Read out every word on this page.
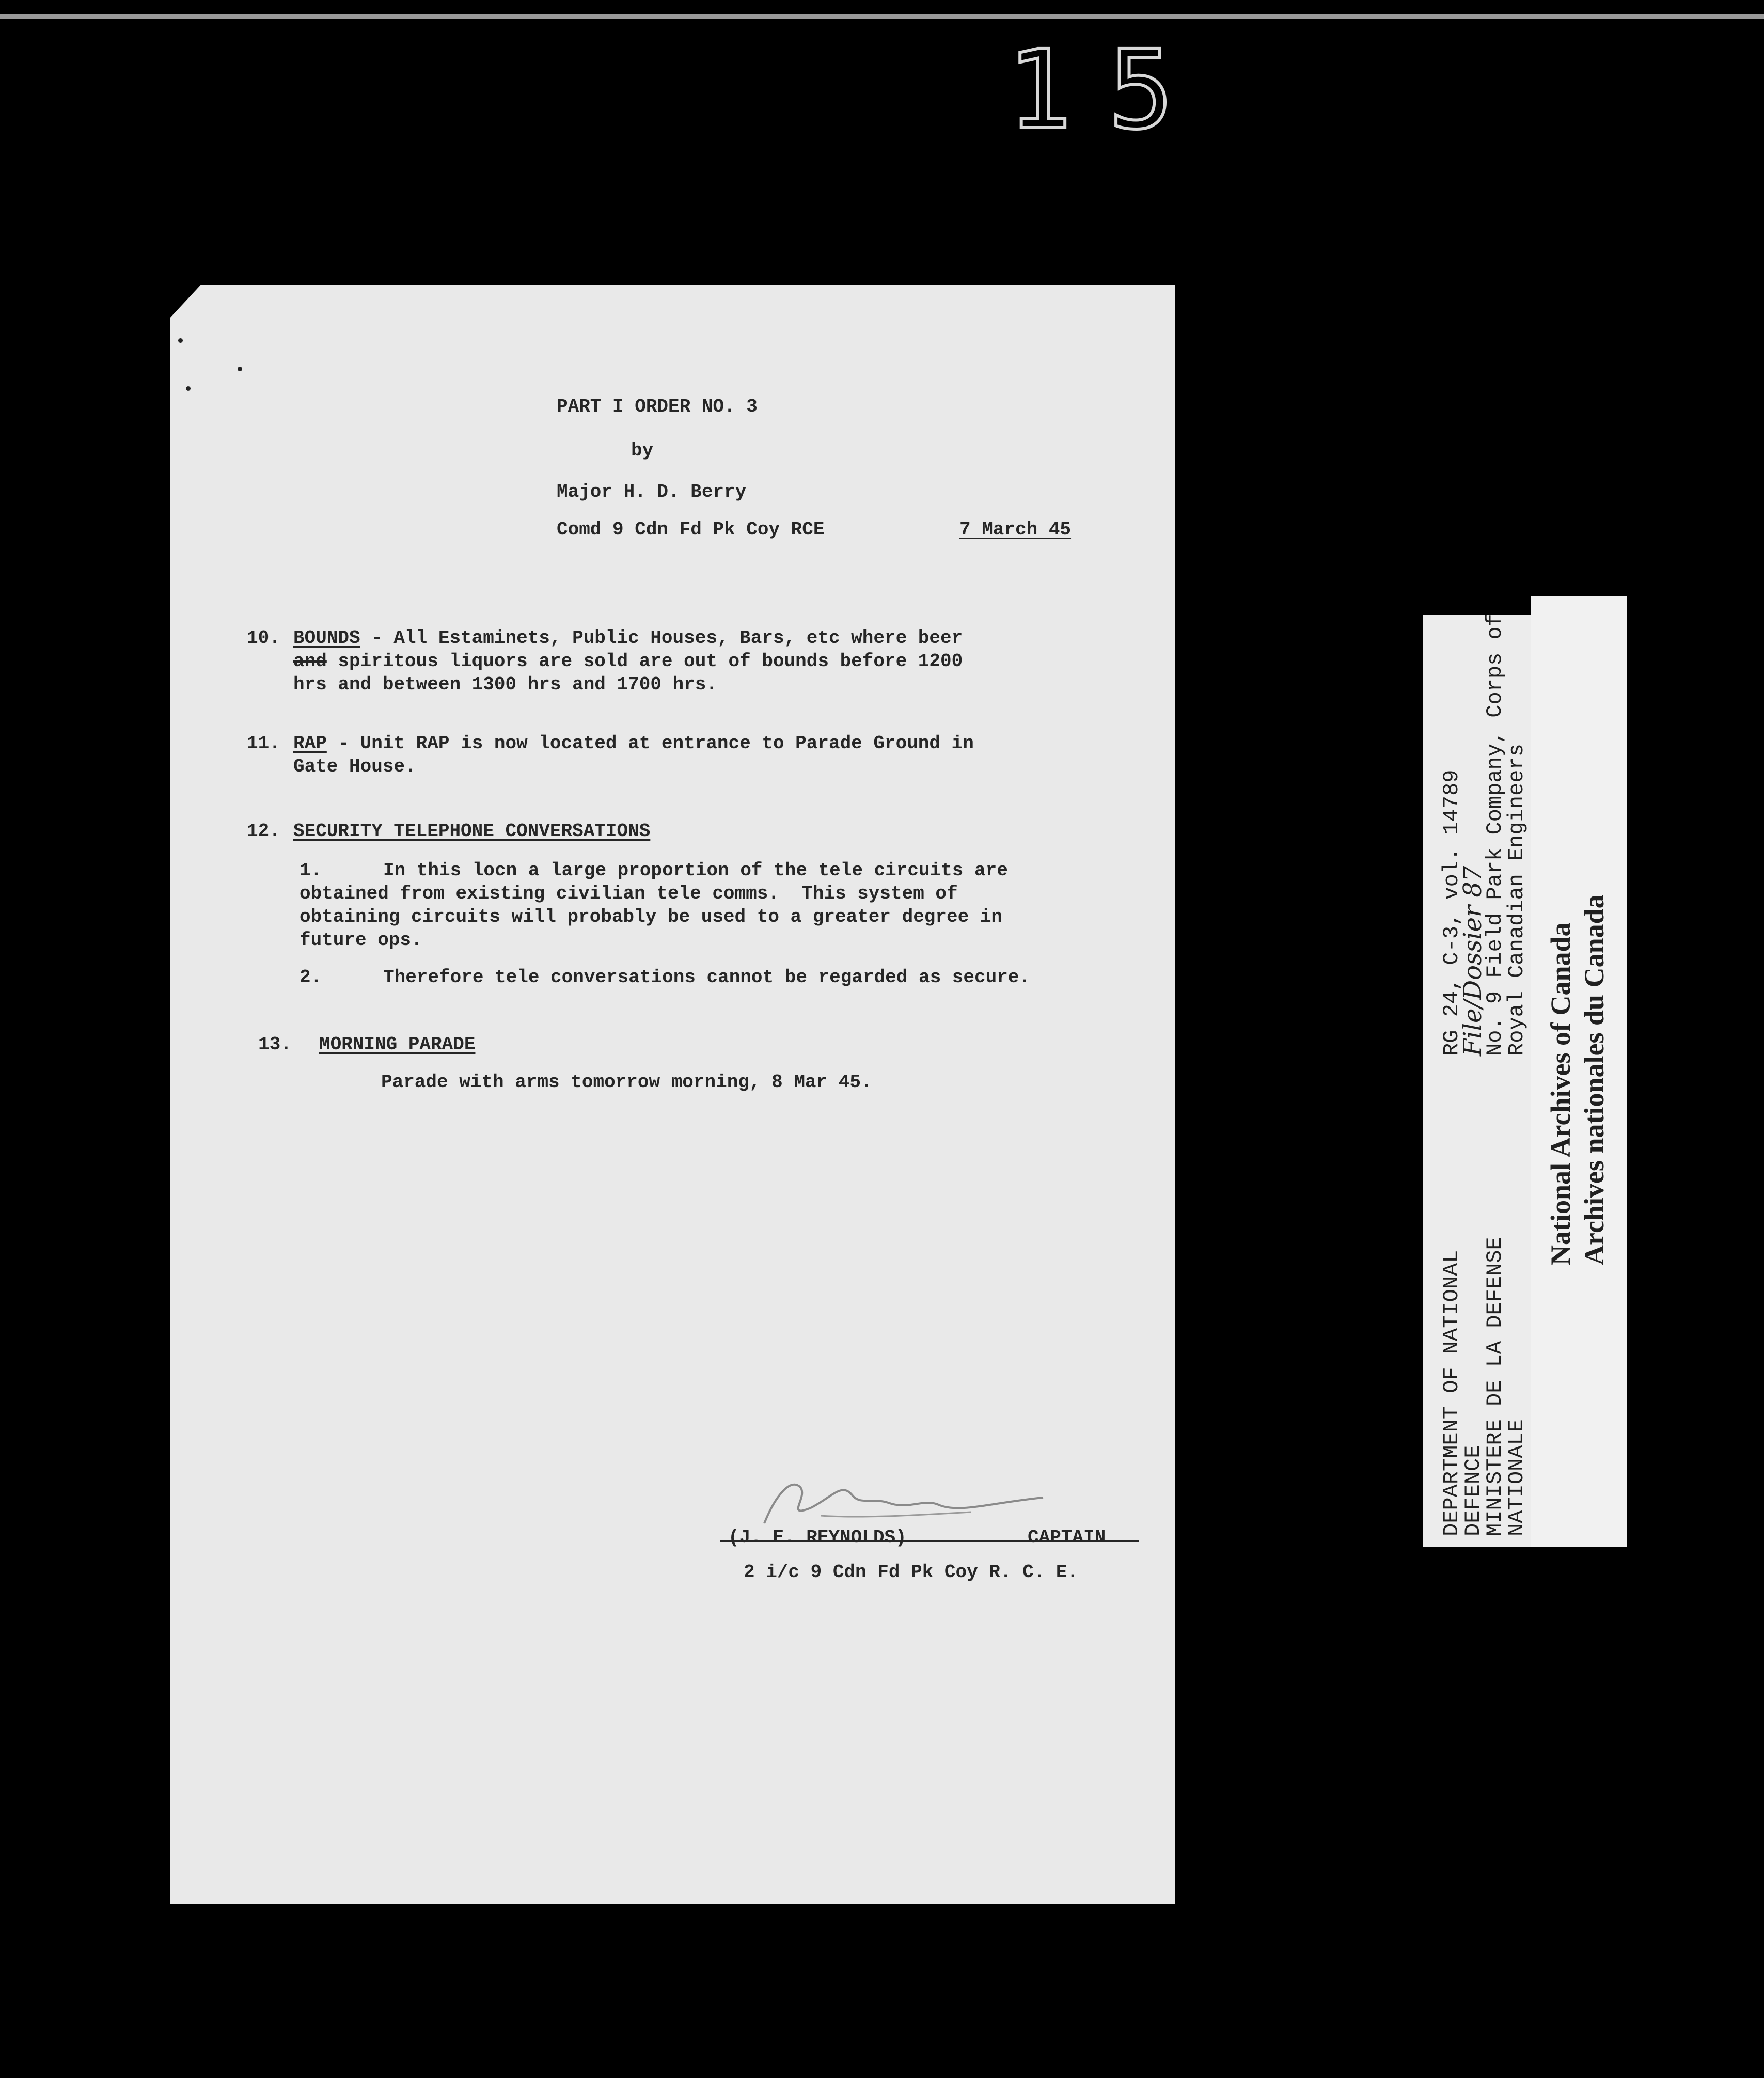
15
PART I ORDER NO. 3
by
Major H. D. Berry
Comd 9 Cdn Fd Pk Coy RCE	7 March 45
10. BOUNDS - All Estaminets, Public Houses, Bars, etc where beer
and spiritous liquors are sold are out of bounds before 1200
hrs and between 1300 hrs and 1700 hrs.
11. RAP - Unit RAP is now located at entrance to Parade Ground in
Gate House.
12. SECURITY TELEPHONE CONVERSATIONS
1.	In this locn a large proportion of the tele circuits are
obtained from existing civilian tele comms.  This system of
obtaining circuits will probably be used to a greater degree in
future ops.
2.	Therefore tele conversations cannot be regarded as secure.
13. MORNING PARADE
Parade with arms tomorrow morning, 8 Mar 45.
(J. E. REYNOLDS)	CAPTAIN
2 i/c 9 Cdn Fd Pk Coy R. C. E.
DEPARTMENT OF NATIONAL
DEFENCE
MINISTERE DE LA DEFENSE
NATIONALE
RG 24, C-3, vol. 14789
File/Dossier 87
No. 9 Field Park Company, Corps of
Royal Canadian Engineers
National Archives of Canada Archives nationales du Canada
